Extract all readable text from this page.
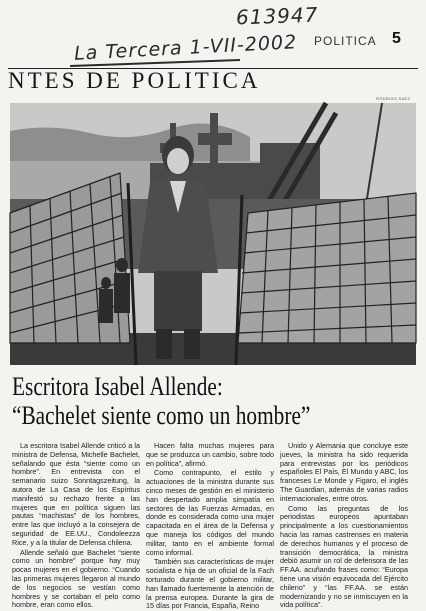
613947
La Tercera 1-VII-2002 POLITICA 5
NTES DE POLITICA
RODRIGO SAEZ
Escritora Isabel Allende:
“Bachelet siente como un hombre”

La escritora Isabel Allende criticó a la ministra de Defensa, Michelle Bachelet, señalando que ésta “siente como un hombre”. En entrevista con el semanario suizo Sonntagszeitung, la autora de La Casa de los Espíritus manifestó su rechazo frente a las mujeres que en política siguen las pautas “machistas” de los hombres, entre las que incluyó a la consejera de seguridad de EE.UU., Condoleezza Rice, y a la titular de Defensa chilena.

Allende señaló que Bachelet “siente como un hombre” porque hay muy pocas mujeres en el gobierno. “Cuando las primeras mujeres llegaron al mundo de los negocios se vestían como hombres y se cortaban el pelo como hombre, eran como ellos.

Hacen falta muchas mujeres para que se produzca un cambio, sobre todo en política”, afirmó.

Como contrapunto, el estilo y actuaciones de la ministra durante sus cinco meses de gestión en el ministerio han despertado amplia simpatía en sectores de las Fuerzas Armadas, en donde es considerada como una mujer capacitada en el área de la Defensa y que maneja los códigos del mundo militar, tanto en el ambiente formal como informal.

También sus características de mujer socialista e hija de un oficial de la Fach torturado durante el gobierno militar, han llamado fuertemente la atención de la prensa europea. Durante la gira de 15 días por Francia, España, Reino

Unido y Alemania que concluye este jueves, la ministra ha sido requerida para entrevistas por los periódicos españoles El País, El Mundo y ABC, los franceses Le Monde y Figaro, el inglés The Guardian, además de varias radios internacionales, entre otros.

Como las preguntas de los periodistas europeos apuntaban principalmente a los cuestionamientos hacia las ramas castrenses en materia de derechos humanos y el proceso de transición democrática, la ministra debió asumir un rol de defensora de las FF.AA. acuñando frases como: “Europa tiene una visión equivocada del Ejército chileno” y “las FF.AA. se están modernizando y no se inmiscuyen en la vida política”.
